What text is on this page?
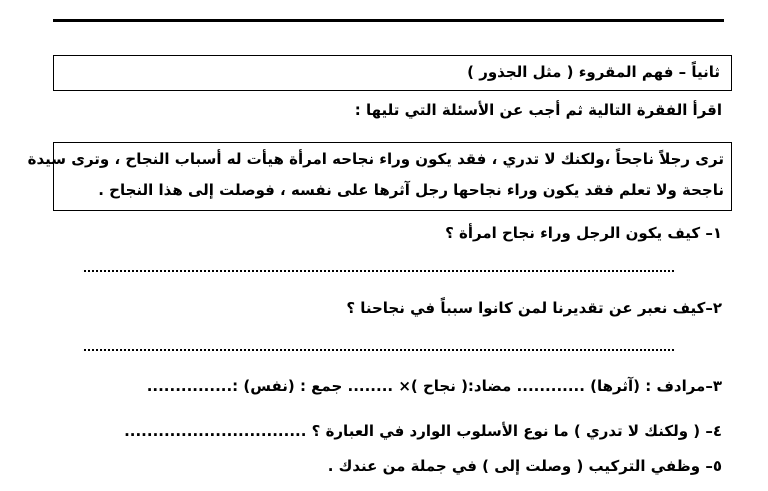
ثانياً – فهم المقروء ( مثل الجذور )
اقرأ الفقرة التالية ثم أجب عن الأسئلة التي تليها :
ترى رجلاً ناجحاً ،ولكنك لا تدري ، فقد يكون وراء نجاحه امرأة هيأت له أسباب النجاح ، وترى سيدة
ناجحة ولا تعلم فقد يكون وراء نجاحها رجل آثرها على نفسه ، فوصلت إلى هذا النجاح .
١– كيف يكون الرجل وراء نجاح امرأة ؟
٢–كيف نعبر عن تقديرنا لمن كانوا سبباً في نجاحنا ؟
٣–مرادف : (آثرها) ............ مضاد:( نجاح )× ........ جمع : (نفس) :...............
٤– ( ولكنك لا تدري ) ما نوع الأسلوب الوارد في العبارة ؟ ................................
٥– وظفي التركيب ( وصلت إلى ) في جملة من عندك .
